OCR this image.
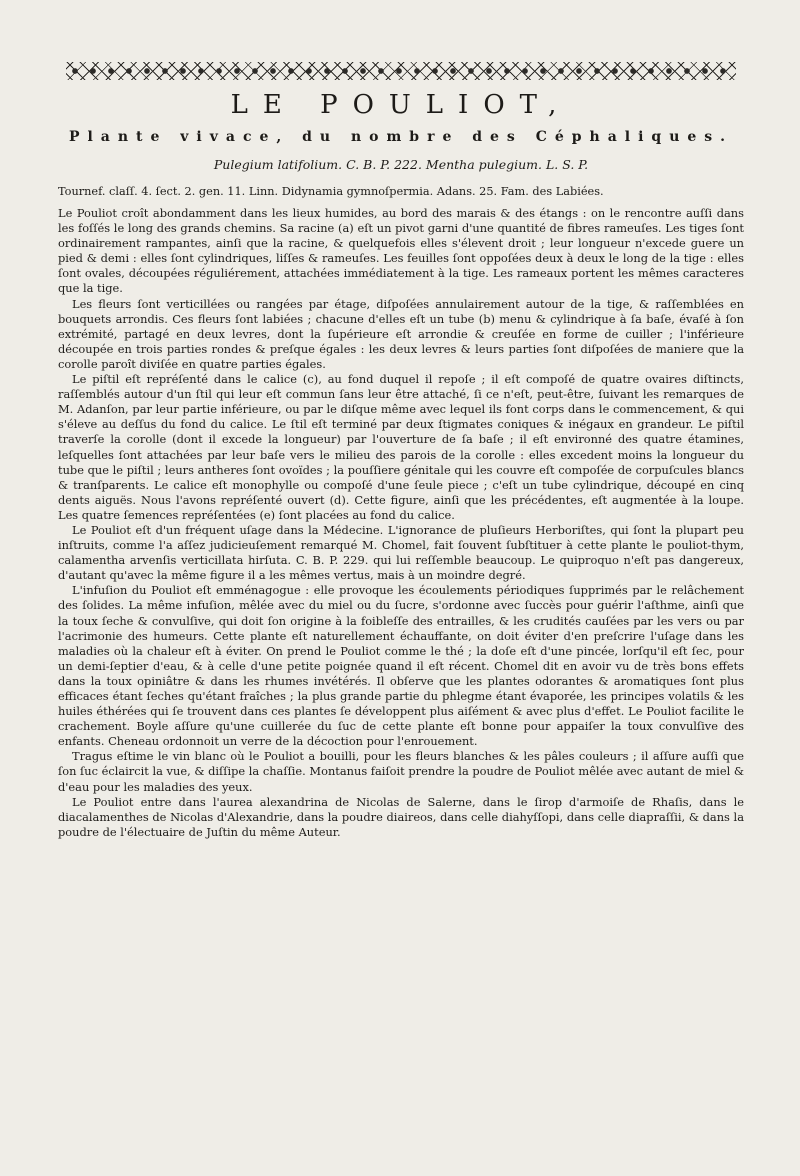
LE POULIOT,
Plante vivace, du nombre des Céphaliques.
Pulegium latifolium. C. B. P. 222. Mentha pulegium. L. S. P.
Tournef. claſſ. 4. ſect. 2. gen. 11. Linn. Didynamia gymnoſpermia. Adans. 25. Fam. des Labiées.

Le Pouliot croît abondamment dans les lieux humides, au bord des marais & des étangs : on le rencontre auſſi dans les foſſés le long des grands chemins. Sa racine (a) eſt un pivot garni d'une quantité de fibres rameuſes. Les tiges ſont ordinairement rampantes, ainſi que la racine, & quelquefois elles s'élevent droit ; leur longueur n'excede guere un pied & demi : elles ſont cylindriques, liſſes & rameuſes. Les feuilles ſont oppoſées deux à deux le long de la tige : elles ſont ovales, découpées réguliérement, attachées immédiatement à la tige. Les rameaux portent les mêmes caracteres que la tige.

Les fleurs ſont verticillées ou rangées par étage, diſpoſées annulairement autour de la tige, & raſſemblées en bouquets arrondis. Ces fleurs ſont labiées ; chacune d'elles eſt un tube (b) menu & cylindrique à ſa baſe, évaſé à ſon extrémité, partagé en deux levres, dont la ſupérieure eſt arrondie & creuſée en forme de cuiller ; l'inférieure découpée en trois parties rondes & preſque égales : les deux levres & leurs parties ſont diſpoſées de maniere que la corolle paroît diviſée en quatre parties égales.

Le piſtil eſt repréſenté dans le calice (c), au fond duquel il repoſe ; il eſt compoſé de quatre ovaires diſtincts, raſſemblés autour d'un ſtil qui leur eſt commun ſans leur être attaché, ſi ce n'eſt, peut-être, ſuivant les remarques de M. Adanſon, par leur partie inférieure, ou par le diſque même avec lequel ils font corps dans le commencement, & qui s'éleve au deſſus du fond du calice. Le ſtil eſt terminé par deux ſtigmates coniques & inégaux en grandeur. Le piſtil traverſe la corolle (dont il excede la longueur) par l'ouverture de ſa baſe ; il eſt environné des quatre étamines, leſquelles ſont attachées par leur baſe vers le milieu des parois de la corolle : elles excedent moins la longueur du tube que le piſtil ; leurs antheres ſont ovoïdes ; la pouſſiere génitale qui les couvre eſt compoſée de corpuſcules blancs & tranſparents. Le calice eſt monophylle ou compoſé d'une ſeule piece ; c'eſt un tube cylindrique, découpé en cinq dents aiguës. Nous l'avons repréſenté ouvert (d). Cette figure, ainſi que les précédentes, eſt augmentée à la loupe. Les quatre ſemences repréſentées (e) ſont placées au fond du calice.

Le Pouliot eſt d'un fréquent uſage dans la Médecine. L'ignorance de pluſieurs Herboriſtes, qui ſont la plupart peu inſtruits, comme l'a aſſez judicieuſement remarqué M. Chomel, fait ſouvent ſubſtituer à cette plante le pouliot-thym, calamentha arvenſis verticillata hirſuta. C. B. P. 229. qui lui reſſemble beaucoup. Le quiproquo n'eſt pas dangereux, d'autant qu'avec la même figure il a les mêmes vertus, mais à un moindre degré.

L'infuſion du Pouliot eſt emménagogue : elle provoque les écoulements périodiques ſupprimés par le relâchement des ſolides. La même infuſion, mêlée avec du miel ou du ſucre, s'ordonne avec ſuccès pour guérir l'aſthme, ainſi que la toux ſeche & convulſive, qui doit ſon origine à la foibleſſe des entrailles, & les crudités cauſées par les vers ou par l'acrimonie des humeurs. Cette plante eſt naturellement échauffante, on doit éviter d'en preſcrire l'uſage dans les maladies où la chaleur eſt à éviter. On prend le Pouliot comme le thé ; la doſe eſt d'une pincée, lorſqu'il eſt ſec, pour un demi-ſeptier d'eau, & à celle d'une petite poignée quand il eſt récent. Chomel dit en avoir vu de très bons effets dans la toux opiniâtre & dans les rhumes invétérés. Il obſerve que les plantes odorantes & aromatiques ſont plus efficaces étant ſeches qu'étant fraîches ; la plus grande partie du phlegme étant évaporée, les principes volatils & les huiles éthérées qui ſe trouvent dans ces plantes ſe développent plus aiſément & avec plus d'effet. Le Pouliot facilite le crachement. Boyle aſſure qu'une cuillerée du ſuc de cette plante eſt bonne pour appaiſer la toux convulſive des enfants. Cheneau ordonnoit un verre de la décoction pour l'enrouement.

Tragus eſtime le vin blanc où le Pouliot a bouilli, pour les fleurs blanches & les pâles couleurs ; il aſſure auſſi que ſon ſuc éclaircit la vue, & diſſipe la chaſſie. Montanus faiſoit prendre la poudre de Pouliot mêlée avec autant de miel & d'eau pour les maladies des yeux.

Le Pouliot entre dans l'aurea alexandrina de Nicolas de Salerne, dans le ſirop d'armoiſe de Rhaſis, dans le diacalamenthes de Nicolas d'Alexandrie, dans la poudre diaireos, dans celle diahyſſopi, dans celle diapraſſii, & dans la poudre de l'électuaire de Juſtin du même Auteur.
